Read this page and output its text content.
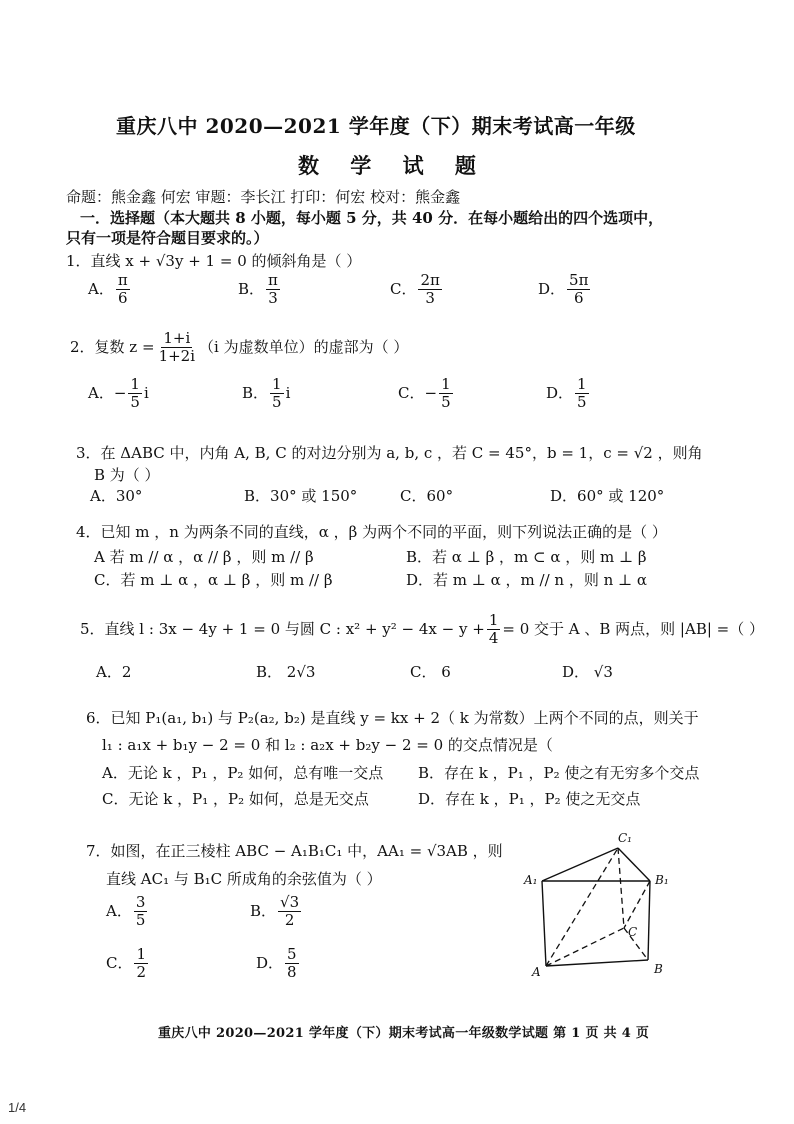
重庆八中 2020—2021 学年度（下）期末考试高一年级
数 学 试 题
命题：熊金鑫 何宏 审题：李长江 打印：何宏 校对：熊金鑫
一．选择题（本大题共 8 小题，每小题 5 分，共 40 分．在每小题给出的四个选项中，
只有一项是符合题目要求的。）
1．直线 x + √3y + 1 = 0 的倾斜角是（ ）
A． $\frac{\pi}{6}$	B． $\frac{\pi}{3}$	C． $\frac{2\pi}{3}$	D． $\frac{5\pi}{6}$
2．复数 $z = \frac{1+i}{1+2i} (i$ 为虚数单位）的虚部为（ ）
A．− $\frac{1}{5}$ i	B． $\frac{1}{5}$ i	C．− $\frac{1}{5}$	D． $\frac{1}{5}$
3．在 ΔABC 中，内角 A, B, C 的对边分别为 a, b, c ，若 C = 45°，b = 1，c = √2 ，则角
B 为（ ）
A．30°	B．30° 或 150°	C．60°	D．60° 或 120°
4．已知 m ，n 为两条不同的直线，α ，β 为两个不同的平面，则下列说法正确的是（ ）
A 若 m // α ，α // β ，则 m // β	B．若 α ⊥ β ，m ⊂ α ，则 m ⊥ β
C．若 m ⊥ α ，α ⊥ β ，则 m // β	D．若 m ⊥ α ，m // n ，则 n ⊥ α
5．直线 l : 3x − 4y + 1 = 0 与圆 C : $x^2 + y^2 - 4x - y + \frac{1}{4} = 0$ 交于 A 、B 两点，则 |AB| =（ ）
A．2	B． 2√3	C． 6	D． √3
6．已知 P₁(a₁, b₁) 与 P₂(a₂, b₂) 是直线 y = kx + 2（ k 为常数）上两个不同的点，则关于
l₁ : a₁x + b₁y − 2 = 0 和 l₂ : a₂x + b₂y − 2 = 0 的交点情况是（
A．无论 k ，P₁ ，P₂ 如何，总有唯一交点 B．存在 k ，P₁ ，P₂ 使之有无穷多个交点
C．无论 k ，P₁ ，P₂ 如何，总是无交点	D．存在 k ，P₁ ，P₂ 使之无交点
7．如图，在正三棱柱 ABC − A₁B₁C₁ 中，AA₁ = √3AB ，则
直线 AC₁ 与 B₁C 所成角的余弦值为（ ）
A． $\frac{3}{5}$	B． $\frac{√3}{2}$
C． $\frac{1}{2}$	D． $\frac{5}{8}$
C₁
A₁	B₁
C
A	B
重庆八中 2020—2021 学年度（下）期末考试高一年级数学试题 第 1 页 共 4 页
1/4
